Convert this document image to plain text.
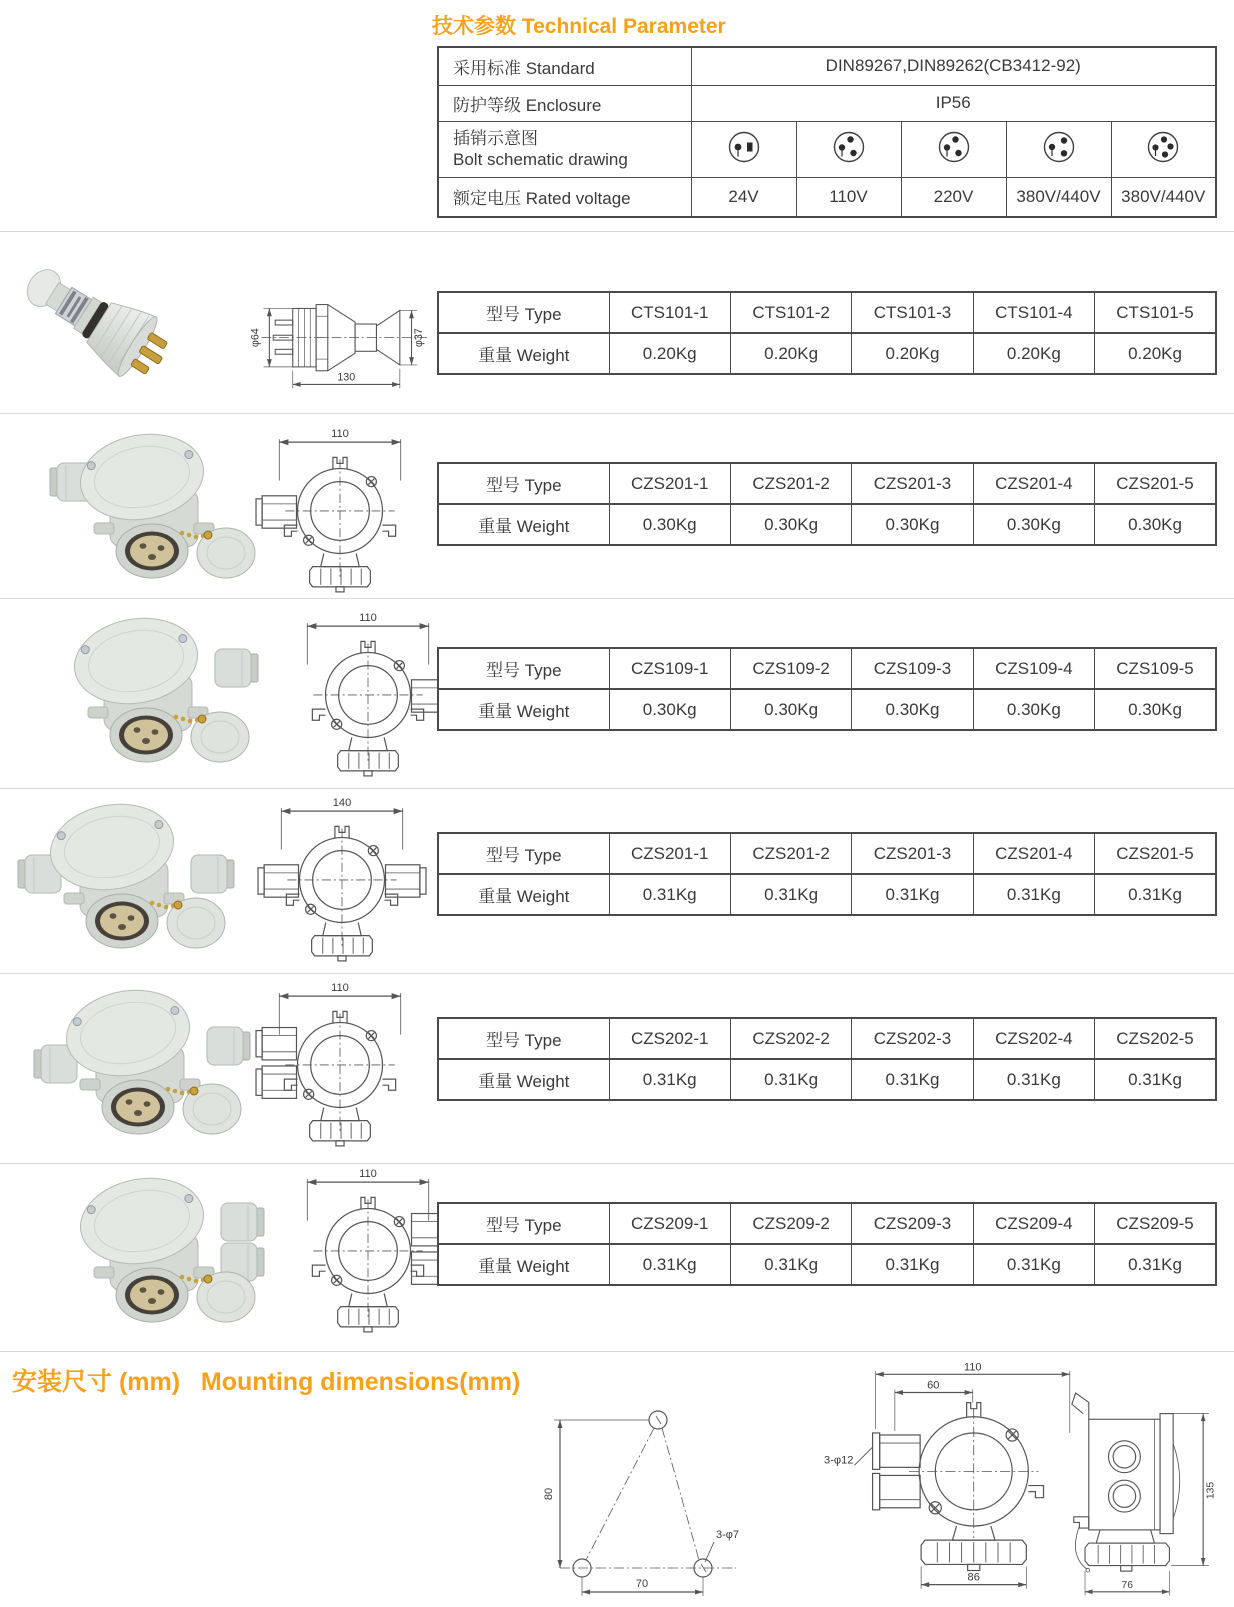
技术参数 Technical Parameter
采用标准 Standard	DIN89267,DIN89262(CB3412-92)				
防护等级 Enclosure	IP56				

插销示意图
Bolt schematic drawing

额定电压 Rated voltage	24V	110V	220V	380V/440V	380V/440V
φ64	φ37
130
型号 Type	CTS101-1	CTS101-2	CTS101-3	CTS101-4	CTS101-5
重量 Weight	0.20Kg	0.20Kg	0.20Kg	0.20Kg	0.20Kg
110
型号 Type	CZS201-1	CZS201-2	CZS201-3	CZS201-4	CZS201-5
重量 Weight	0.30Kg	0.30Kg	0.30Kg	0.30Kg	0.30Kg
110
型号 Type	CZS109-1	CZS109-2	CZS109-3	CZS109-4	CZS109-5
重量 Weight	0.30Kg	0.30Kg	0.30Kg	0.30Kg	0.30Kg
140
型号 Type	CZS201-1	CZS201-2	CZS201-3	CZS201-4	CZS201-5
重量 Weight	0.31Kg	0.31Kg	0.31Kg	0.31Kg	0.31Kg
110
型号 Type	CZS202-1	CZS202-2	CZS202-3	CZS202-4	CZS202-5
重量 Weight	0.31Kg	0.31Kg	0.31Kg	0.31Kg	0.31Kg
110
型号 Type	CZS209-1	CZS209-2	CZS209-3	CZS209-4	CZS209-5
重量 Weight	0.31Kg	0.31Kg	0.31Kg	0.31Kg	0.31Kg
安装尺寸 (mm)   Mounting dimensions(mm)
80
70
3-φ7
110
60
86
3-φ12
135
76
